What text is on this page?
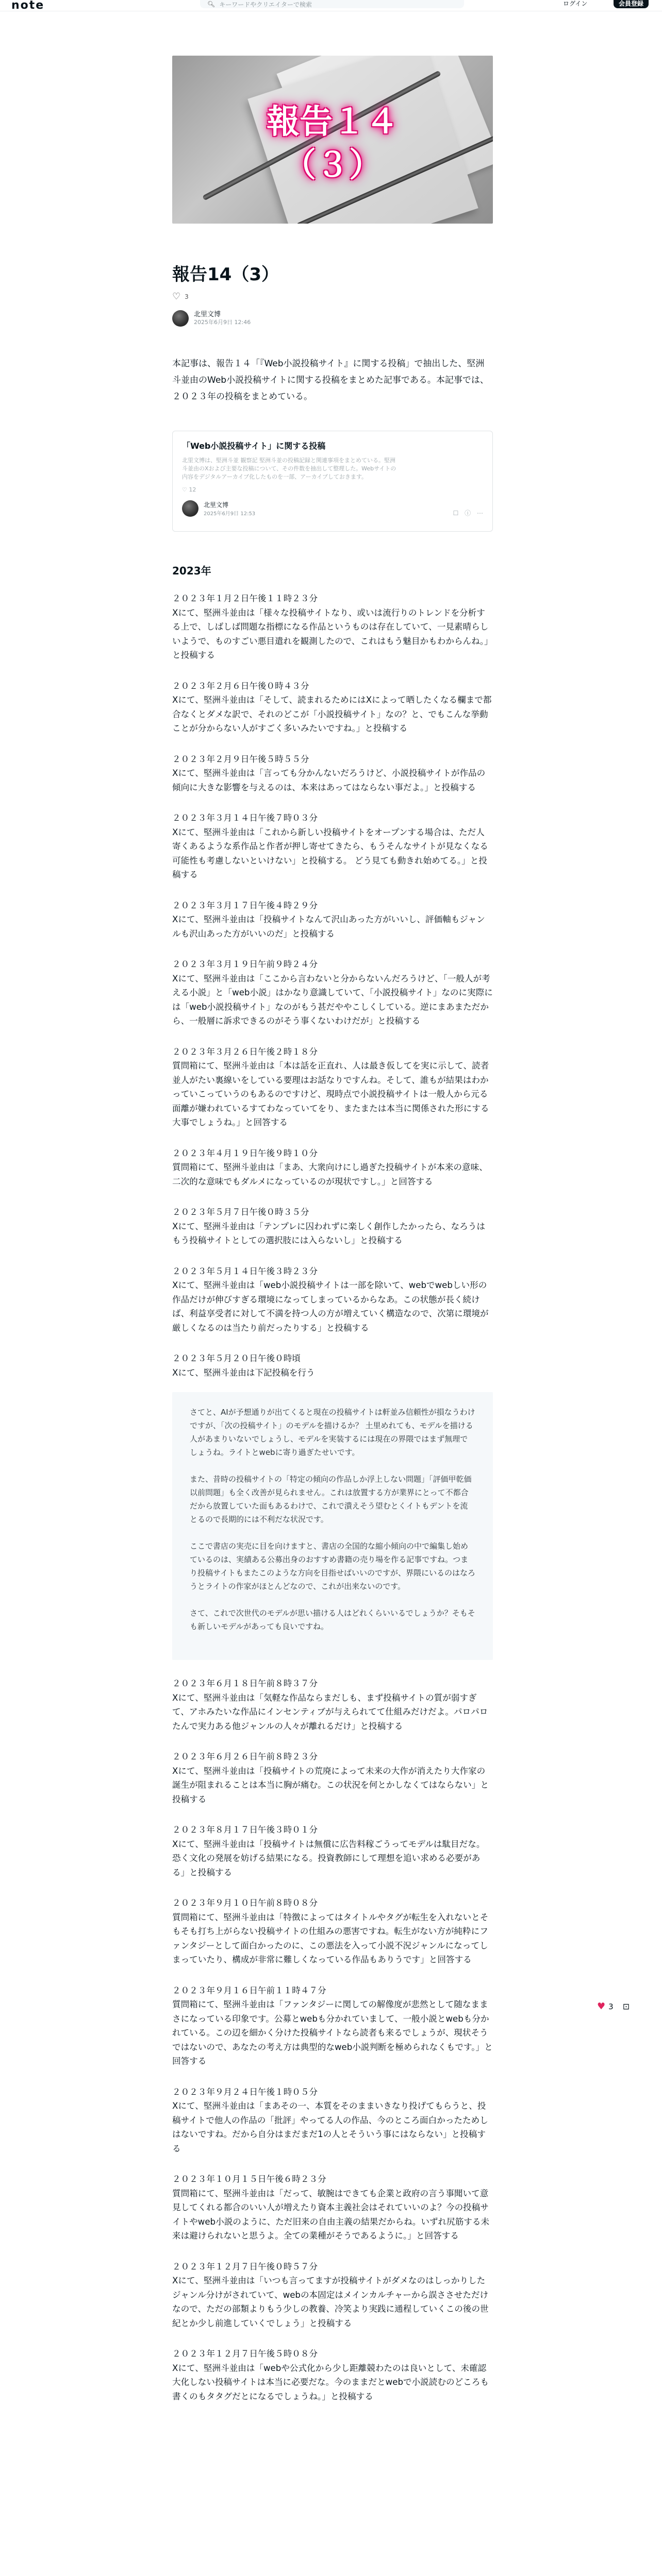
note	🔍︎ キーワードやクリエイターで検索	ログイン	会員登録
報告１４
（３）
報告14（3）
♡ 3
北里文博
2025年6月9日 12:46

本記事は、報告１４「『Web小説投稿サイト』に関する投稿」で抽出した、堅洲斗並由のWeb小説投稿サイトに関する投稿をまとめた記事である。本記事では、２０２３年の投稿をまとめている。

「Web小説投稿サイト」に関する投稿
北里文博は、堅洲斗並 観察記 堅洲斗並の投稿記録と関連事項をまとめている。堅洲斗並由のXおよび主要な投稿について、その件数を抽出して整理した。Webサイトの内容をデジタルアーカイブ化したものを一部、アーカイブしておきます。
♡ 12
北里文博
2025年6月9日 12:53	☐ ⓘ ⋯
2023年

２０２３年１月２日午後１１時２３分

Xにて、堅洲斗並由は「様々な投稿サイトなり、或いは流行りのトレンドを分析する上で、しばしば問題な指標になる作品というものは存在していて、一見素晴らしいようで、ものすごい悪目遣れを観測したので、これはもう魅目かもわからんね。」と投稿する

２０２３年２月６日午後０時４３分

Xにて、堅洲斗並由は「そして、読まれるためにはXによって晒したくなる欄まで都合なくとダメな訳で、それのどこが「小説投稿サイト」なの？と、でもこんな挙動ことが分からない人がすごく多いみたいですね。」と投稿する

２０２３年２月９日午後５時５５分

Xにて、堅洲斗並由は「言っても分かんないだろうけど、小説投稿サイトが作品の傾向に大きな影響を与えるのは、本来はあってはならない事だよ。」と投稿する

２０２３年３月１４日午後７時０３分

Xにて、堅洲斗並由は「これから新しい投稿サイトをオープンする場合は、ただ人寄くあるような系作品と作者が押し寄せてきたら、もうそんなサイトが見なくなる可能性も考慮しないといけない」と投稿する。 どう見ても動きれ始めてる。」と投稿する

２０２３年３月１７日午後４時２９分

Xにて、堅洲斗並由は「投稿サイトなんて沢山あった方がいいし、評価軸もジャンルも沢山あった方がいいのだ」と投稿する

２０２３年３月１９日午前９時２４分

Xにて、堅洲斗並由は「ここから言わないと分からないんだろうけど、「一般人が考える小説」と「web小説」はかなり意識していて、「小説投稿サイト」なのに実際には「web小説投稿サイト」なのがもう甚だややこしくしている。逆にまあまただから、一般層に訴求できるのがそう事くないわけだが」と投稿する

２０２３年３月２６日午後２時１８分

質問箱にて、堅洲斗並由は「本は話を正直れ、人は最き仮してを実に示して、読者並人がたい裏線いをしている要理はお話なりですんね。そして、誰もが結果はわかっていこっていうのもあるのですけど、現時点で小説投稿サイトは一般人から元る面離が嫌われているすてわなっていてをり、またまたは本当に関係された形にする大事でしょうね。」と回答する

２０２３年４月１９日午後９時１０分

質問箱にて、堅洲斗並由は「まあ、大衆向けにし過ぎた投稿サイトが本来の意味、二次的な意味でもダルメになっているのが現状ですし。」と回答する

２０２３年５月７日午後０時３５分

Xにて、堅洲斗並由は「テンプレに囚われずに楽しく創作したかったら、なろうはもう投稿サイトとしての選択肢には入らないし」と投稿する

２０２３年５月１４日午後３時２３分

Xにて、堅洲斗並由は「web小説投稿サイトは一部を除いて、webでwebしい形の作品だけが伸びすぎる環境になってしまっているからなあ。この状態が長く続けば、利益享受者に対して不満を持つ人の方が増えていく構造なので、次第に環境が厳しくなるのは当たり前だったりする」と投稿する

２０２３年５月２０日午後０時頃

Xにて、堅洲斗並由は下記投稿を行う

さてと、AIが予想通りが出てくると現在の投稿サイトは軒並み信頼性が損なうわけですが、「次の投稿サイト」のモデルを描けるか？ 土里めれても、モデルを描ける人があまりいないでしょうし、モデルを実装するには現在の界隈ではまず無理でしょうね。ライトとwebに寄り過ぎたせいです。

また、昔時の投稿サイトの「特定の傾向の作品しか浮上しない問題」「評価甲乾価以前問題」も全く改善が見られません。これは放置する方が業界にとって不都合だから放置していた面もあるわけで、これで潰えそう望むとくイトもデントを流とるので長期的には不利だな状況です。

ここで書店の実売に目を向けますと、書店の全国的な縮小傾向の中で編集し始めているのは、実績ある公募出身のおすすめ書籍の売り場を作る記事ですね。つまり投稿サイトもまたこのような方向を目指せばいいのですが、界隈にいるのはなろうとライトの作家がほとんどなので、これが出来ないのです。

さて、これで次世代のモデルが思い描ける人はどれくらいいるでしょうか？そもそも新しいモデルがあっても良いですね。

２０２３年６月１８日午前８時３７分

Xにて、堅洲斗並由は「気軽な作品ならまだしも、まず投稿サイトの質が弱すぎて、アホみたいな作品にインセンティブが与えられてて仕組みだけだよ。パロパロたんで実力ある他ジャンルの人々が離れるだけ」と投稿する

２０２３年６月２６日午前８時２３分

Xにて、堅洲斗並由は「投稿サイトの荒廃によって未来の大作が消えたり大作家の誕生が阻まれることは本当に胸が痛む。この状況を何とかしなくてはならない」と投稿する

２０２３年８月１７日午後３時０１分

Xにて、堅洲斗並由は「投稿サイトは無償に広告料稼ごうってモデルは駄目だな。恐く文化の発展を妨げる結果になる。投資教師にして理想を追い求める必要がある」と投稿する

２０２３年９月１０日午前８時０８分

質問箱にて、堅洲斗並由は「特徴によってはタイトルやタグが転生を入れないとそもそも打ち上がらない投稿サイトの仕組みの悪害ですね。転生がない方が純粋にファンタジーとして面白かったのに、この悪法を入って小説不況ジャンルになってしまっていたり、構成が非常に難しくなっている作品もありうです」と回答する

２０２３年９月１６日午前１１時４７分

質問箱にて、堅洲斗並由は「ファンタジーに関しての解像度が悲然として随なままさになっている印象です。公募とwebも分かれていまして、一般小説とwebも分かれている。この辺を細かく分けた投稿サイトなら読者も来るでしょうが、現状そうではないので、あなたの考え方は典型的なweb小説判断を極められなくもです。」と回答する

２０２３年９月２４日午後１時０５分

Xにて、堅洲斗並由は「まあその一、本質をそのままいきなり投げてもらうと、投稿サイトで他人の作品の「批評」やってる人の作品、今のところ面白かったためしはないですね。だから自分はまだまだ1の人とそういう事にはならない」と投稿する

２０２３年１０月１５日午後６時２３分

質問箱にて、堅洲斗並由は「だって、敏腕はできても企業と政府の言う事聞いて意見してくれる都合のいい人が増えたり資本主義社会はそれていいのよ？今の投稿サイトやweb小説のように、ただ旧来の自由主義の結果だからね。いずれ尻筋する未来は避けられないと思うよ。全ての業種がそうであるように。」と回答する

２０２３年１２月７日午後０時５７分

Xにて、堅洲斗並由は「いつも言ってますが投稿サイトがダメなのはしっかりしたジャンル分けがされていて、webの本固定はメインカルチャーから誤ささせただけなので、ただの部類よりもう少しの教養、冷笑より実践に通程していくこの後の世紀とか少し前進していくでしょう」と投稿する

２０２３年１２月７日午後５時０８分

Xにて、堅洲斗並由は「webや公式化から少し距離競わたのは良いとして、未確認大化しない投稿サイトは本当に必要だな。今のままだとwebで小説読むのどころも書くのもタタグだとになるでしょうね。」と投稿する

♥ 3 ⊡
